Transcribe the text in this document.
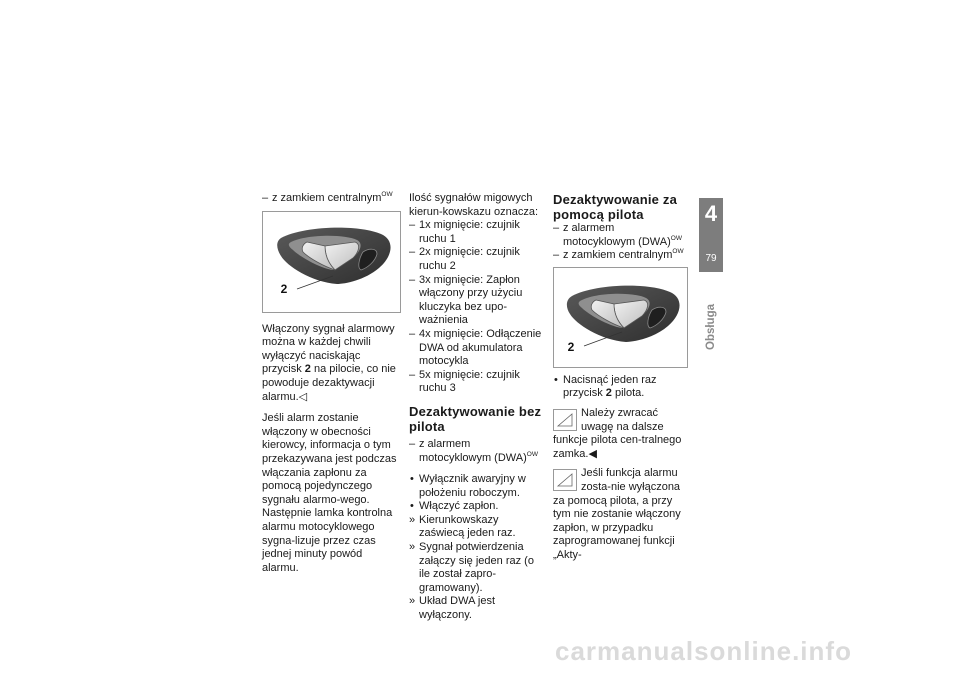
– z zamkiem centralnym$^{OW}$

2

Włączony sygnał alarmowy można w każdej chwili wyłączyć naciskając przycisk 2 na pilocie, co nie powoduje dezaktywacji alarmu.◁

Jeśli alarm zostanie włączony w obecności kierowcy, informacja o tym przekazywana jest podczas włączania zapłonu za pomocą pojedynczego sygnału alarmo-wego. Następnie lamka kontrolna alarmu motocyklowego sygna-lizuje przez czas jednej minuty powód alarmu.

Ilość sygnałów migowych kierun-kowskazu oznacza:

– 1x mignięcie: czujnik ruchu 1

– 2x mignięcie: czujnik ruchu 2

– 3x mignięcie: Zapłon włączony przy użyciu kluczyka bez upo-ważnienia

– 4x mignięcie: Odłączenie DWA od akumulatora motocykla

– 5x mignięcie: czujnik ruchu 3

Dezaktywowanie bez pilota

– z alarmem motocyklowym (DWA)$^{OW}$

• Wyłącznik awaryjny w położeniu roboczym.

• Włączyć zapłon.

» Kierunkowskazy zaświecą jeden raz.

» Sygnał potwierdzenia załączy się jeden raz (o ile został zapro-gramowany).

» Układ DWA jest wyłączony.

Dezaktywowanie za pomocą pilota

– z alarmem motocyklowym (DWA)$^{OW}$

– z zamkiem centralnym$^{OW}$

2

• Nacisnąć jeden raz przycisk 2 pilota.

Należy zwracać uwagę na dalsze funkcje pilota cen-tralnego zamka.◀

Jeśli funkcja alarmu zosta-nie wyłączona za pomocą pilota, a przy tym nie zostanie włączony zapłon, w przypadku zaprogramowanej funkcji „Akty-

4
79
Obsługa
carmanualsonline.info
